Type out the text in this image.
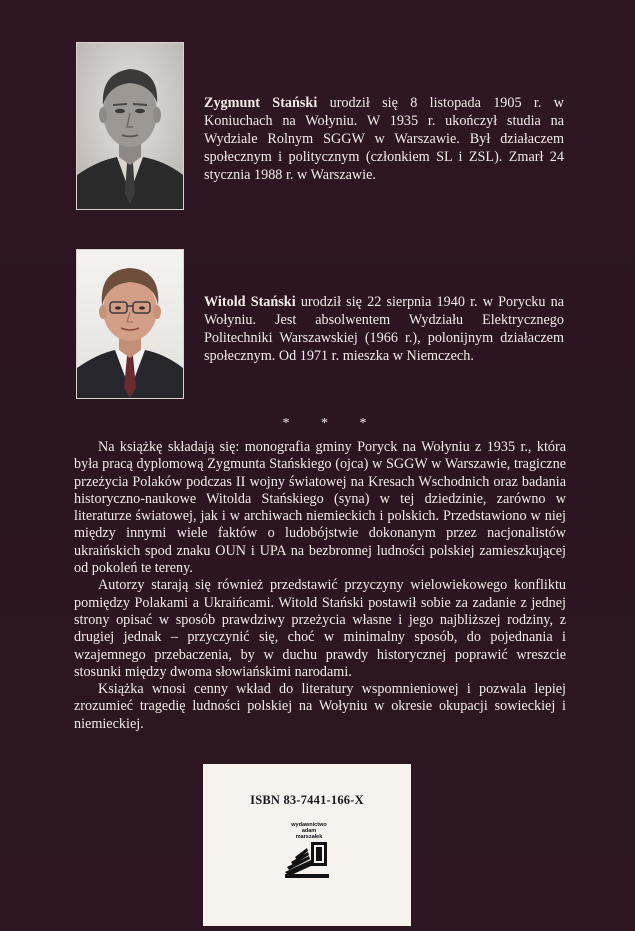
Zygmunt Stański urodził się 8 listopada 1905 r. w Koniuchach na Wołyniu. W 1935 r. ukończył studia na Wydziale Rolnym SGGW w Warszawie. Był działaczem społecznym i politycznym (członkiem SL i ZSL). Zmarł 24 stycznia 1988 r. w Warszawie.

Witold Stański urodził się 22 sierpnia 1940 r. w Porycku na Wołyniu. Jest absolwentem Wydziału Elektrycznego Politechniki Warszawskiej (1966 r.), polonijnym działaczem społecznym. Od 1971 r. mieszka w Niemczech.

* * *

Na książkę składają się: monografia gminy Poryck na Wołyniu z 1935 r., która była pracą dyplomową Zygmunta Stańskiego (ojca) w SGGW w Warszawie, tragiczne przeżycia Polaków podczas II wojny światowej na Kresach Wschodnich oraz badania historyczno-naukowe Witolda Stańskiego (syna) w tej dziedzinie, zarówno w literaturze światowej, jak i w archiwach niemieckich i polskich. Przedstawiono w niej między innymi wiele faktów o ludobójstwie dokonanym przez nacjonalistów ukraińskich spod znaku OUN i UPA na bezbronnej ludności polskiej zamieszkującej od pokoleń te tereny.

Autorzy starają się również przedstawić przyczyny wielowiekowego konfliktu pomiędzy Polakami a Ukraińcami. Witold Stański postawił sobie za zadanie z jednej strony opisać w sposób prawdziwy przeżycia własne i jego najbliższej rodziny, z drugiej jednak – przyczynić się, choć w minimalny sposób, do pojednania i wzajemnego przebaczenia, by w duchu prawdy historycznej poprawić wreszcie stosunki między dwoma słowiańskimi narodami.

Książka wnosi cenny wkład do literatury wspomnieniowej i pozwala lepiej zrozumieć tragedię ludności polskiej na Wołyniu w okresie okupacji sowieckiej i niemieckiej.

ISBN 83-7441-166-X
wydawnictwo
adam
marszałek
